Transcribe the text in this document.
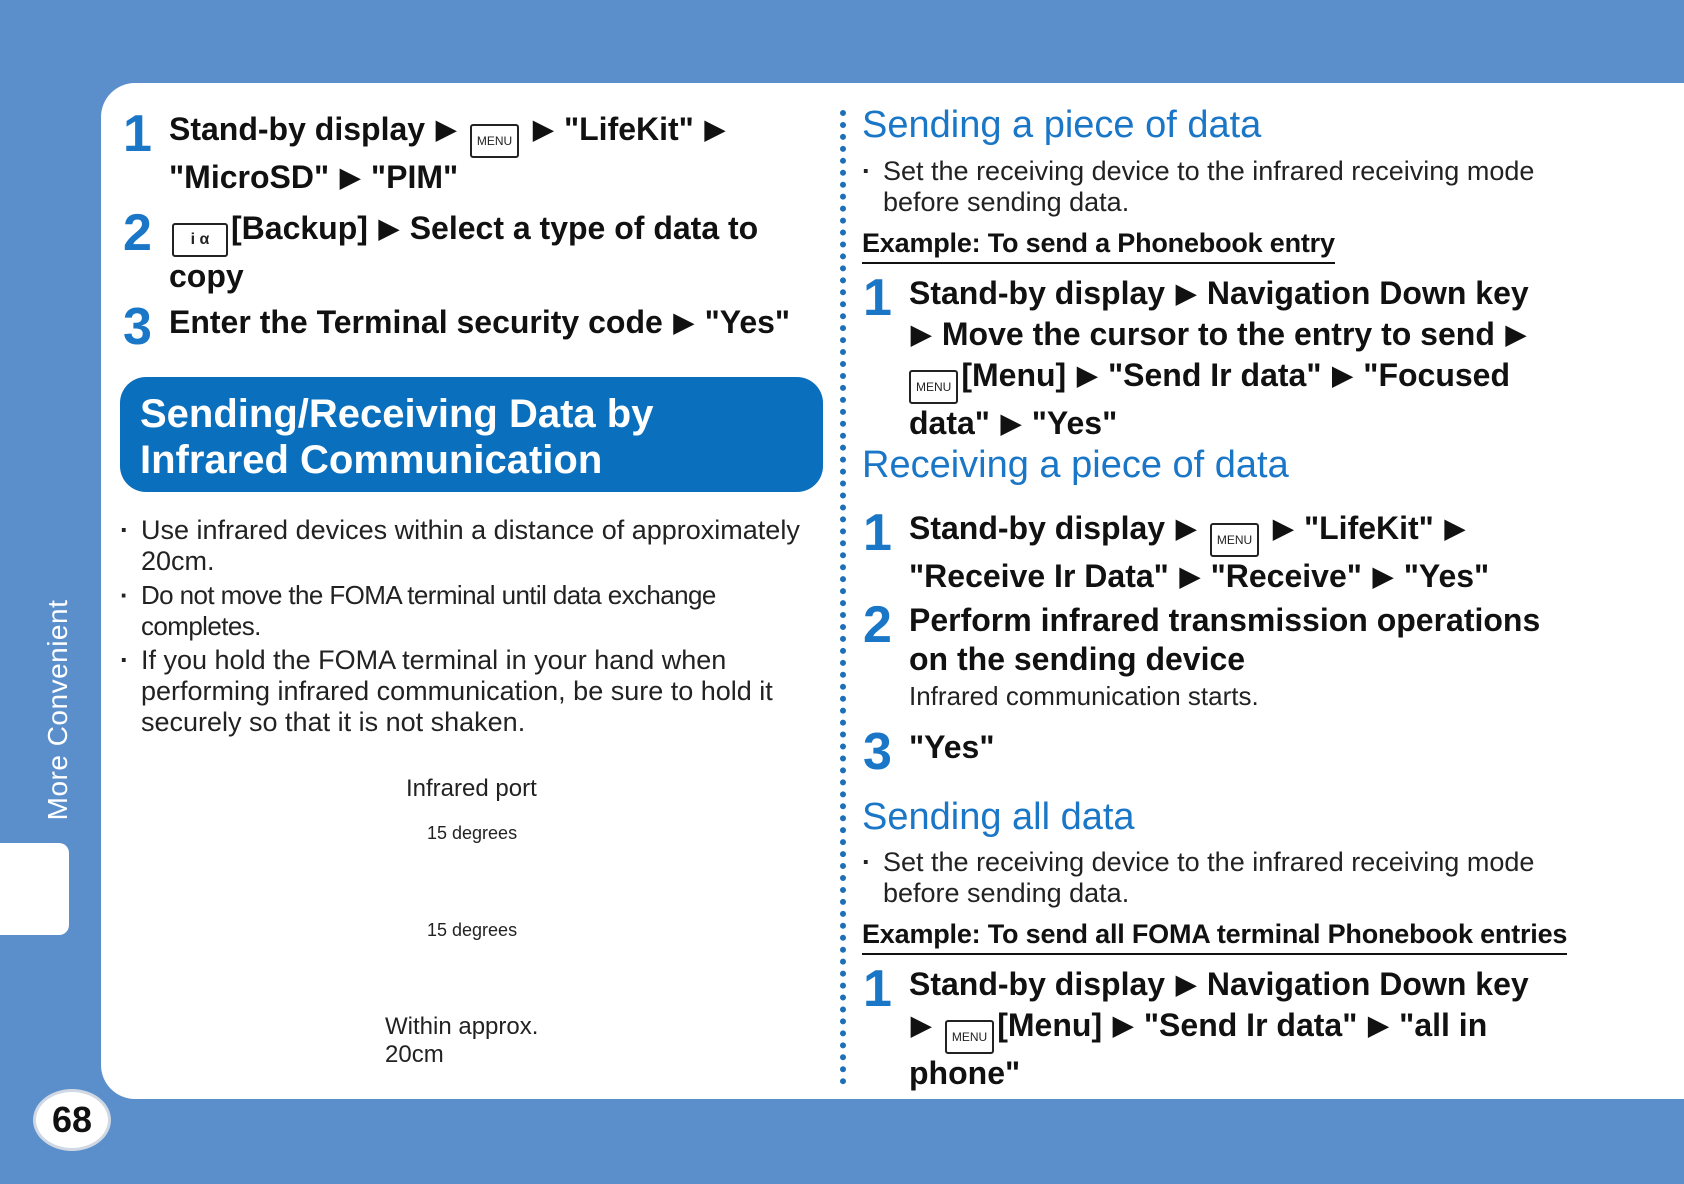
More Convenient
68
1 Stand-by display ▶ MENU ▶ "LifeKit" ▶
"MicroSD" ▶ "PIM"
2	i α [Backup] ▶ Select a type of data to copy
3 Enter the Terminal security code ▶ "Yes"
Sending/Receiving Data by
Infrared Communication
· Use infrared devices within a distance of approximately 20cm.
· Do not move the FOMA terminal until data exchange completes.
· If you hold the FOMA terminal in your hand when performing infrared communication, be sure to hold it securely so that it is not shaken.
Infrared port
15 degrees
15 degrees
Within approx.
20cm
Sending a piece of data
· Set the receiving device to the infrared receiving mode before sending data.
Example: To send a Phonebook entry
1 Stand-by display ▶ Navigation Down key
▶ Move the cursor to the entry to send ▶
MENU [Menu] ▶ "Send Ir data" ▶ "Focused data" ▶ "Yes"
Receiving a piece of data
1 Stand-by display ▶ MENU ▶ "LifeKit" ▶
"Receive Ir Data" ▶ "Receive" ▶ "Yes"
2 Perform infrared transmission operations on the sending device
Infrared communication starts.
3 "Yes"
Sending all data
· Set the receiving device to the infrared receiving mode before sending data.
Example: To send all FOMA terminal Phonebook entries
1 Stand-by display ▶ Navigation Down key
▶ MENU [Menu] ▶ "Send Ir data" ▶ "all in phone"
